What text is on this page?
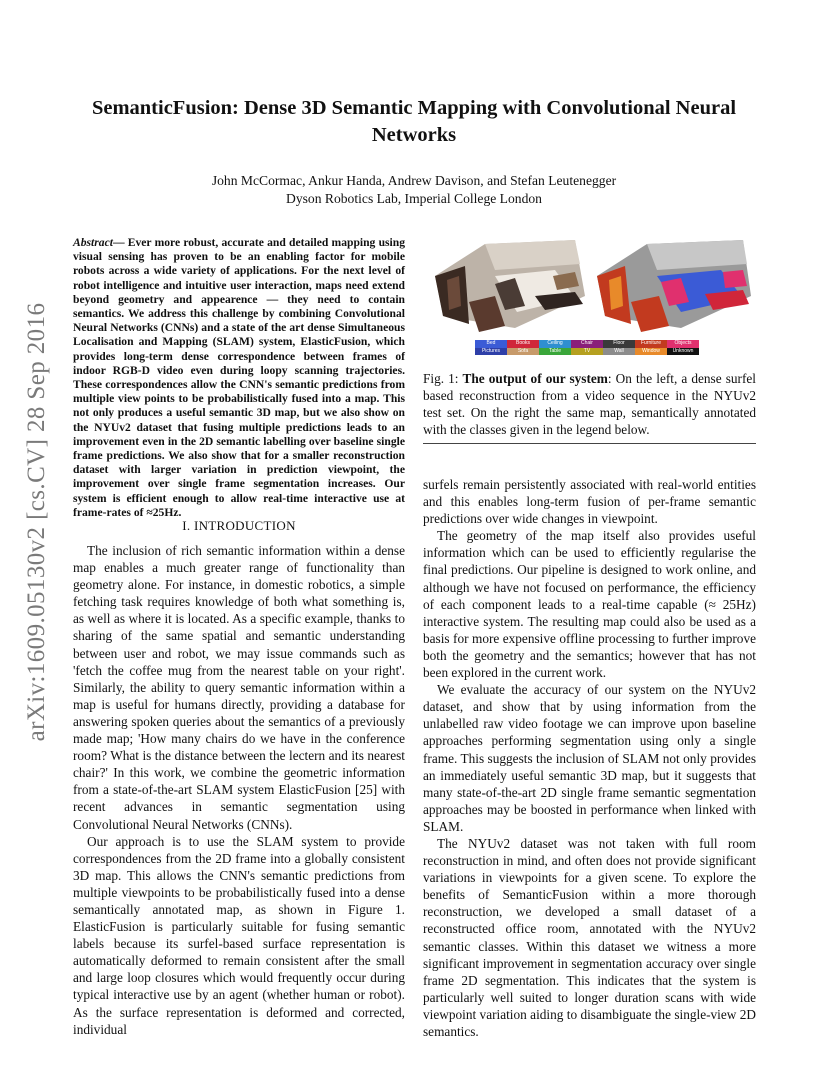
arXiv:1609.05130v2 [cs.CV] 28 Sep 2016
SemanticFusion: Dense 3D Semantic Mapping with Convolutional Neural Networks
John McCormac, Ankur Handa, Andrew Davison, and Stefan Leutenegger
Dyson Robotics Lab, Imperial College London
Abstract— Ever more robust, accurate and detailed mapping using visual sensing has proven to be an enabling factor for mobile robots across a wide variety of applications. For the next level of robot intelligence and intuitive user interaction, maps need extend beyond geometry and appearence — they need to contain semantics. We address this challenge by combining Convolutional Neural Networks (CNNs) and a state of the art dense Simultaneous Localisation and Mapping (SLAM) system, ElasticFusion, which provides long-term dense correspondence between frames of indoor RGB-D video even during loopy scanning trajectories. These correspondences allow the CNN's semantic predictions from multiple view points to be probabilistically fused into a map. This not only produces a useful semantic 3D map, but we also show on the NYUv2 dataset that fusing multiple predictions leads to an improvement even in the 2D semantic labelling over baseline single frame predictions. We also show that for a smaller reconstruction dataset with larger variation in prediction viewpoint, the improvement over single frame segmentation increases. Our system is efficient enough to allow real-time interactive use at frame-rates of ≈25Hz.
I. INTRODUCTION

The inclusion of rich semantic information within a dense map enables a much greater range of functionality than geometry alone. For instance, in domestic robotics, a simple fetching task requires knowledge of both what something is, as well as where it is located. As a specific example, thanks to sharing of the same spatial and semantic understanding between user and robot, we may issue commands such as 'fetch the coffee mug from the nearest table on your right'. Similarly, the ability to query semantic information within a map is useful for humans directly, providing a database for answering spoken queries about the semantics of a previously made map; 'How many chairs do we have in the conference room? What is the distance between the lectern and its nearest chair?' In this work, we combine the geometric information from a state-of-the-art SLAM system ElasticFusion [25] with recent advances in semantic segmentation using Convolutional Neural Networks (CNNs).

Our approach is to use the SLAM system to provide correspondences from the 2D frame into a globally consistent 3D map. This allows the CNN's semantic predictions from multiple viewpoints to be probabilistically fused into a dense semantically annotated map, as shown in Figure 1. ElasticFusion is particularly suitable for fusing semantic labels because its surfel-based surface representation is automatically deformed to remain consistent after the small and large loop closures which would frequently occur during typical interactive use by an agent (whether human or robot). As the surface representation is deformed and corrected, individual

Bed	Books	Ceiling	Chair	Floor	Furniture	Objects
Pictures	Sofa	Table	TV	Wall	Window	Unknown
Fig. 1: The output of our system: On the left, a dense surfel based reconstruction from a video sequence in the NYUv2 test set. On the right the same map, semantically annotated with the classes given in the legend below.

surfels remain persistently associated with real-world entities and this enables long-term fusion of per-frame semantic predictions over wide changes in viewpoint.

The geometry of the map itself also provides useful information which can be used to efficiently regularise the final predictions. Our pipeline is designed to work online, and although we have not focused on performance, the efficiency of each component leads to a real-time capable (≈ 25Hz) interactive system. The resulting map could also be used as a basis for more expensive offline processing to further improve both the geometry and the semantics; however that has not been explored in the current work.

We evaluate the accuracy of our system on the NYUv2 dataset, and show that by using information from the unlabelled raw video footage we can improve upon baseline approaches performing segmentation using only a single frame. This suggests the inclusion of SLAM not only provides an immediately useful semantic 3D map, but it suggests that many state-of-the-art 2D single frame semantic segmentation approaches may be boosted in performance when linked with SLAM.

The NYUv2 dataset was not taken with full room reconstruction in mind, and often does not provide significant variations in viewpoints for a given scene. To explore the benefits of SemanticFusion within a more thorough reconstruction, we developed a small dataset of a reconstructed office room, annotated with the NYUv2 semantic classes. Within this dataset we witness a more significant improvement in segmentation accuracy over single frame 2D segmentation. This indicates that the system is particularly well suited to longer duration scans with wide viewpoint variation aiding to disambiguate the single-view 2D semantics.
